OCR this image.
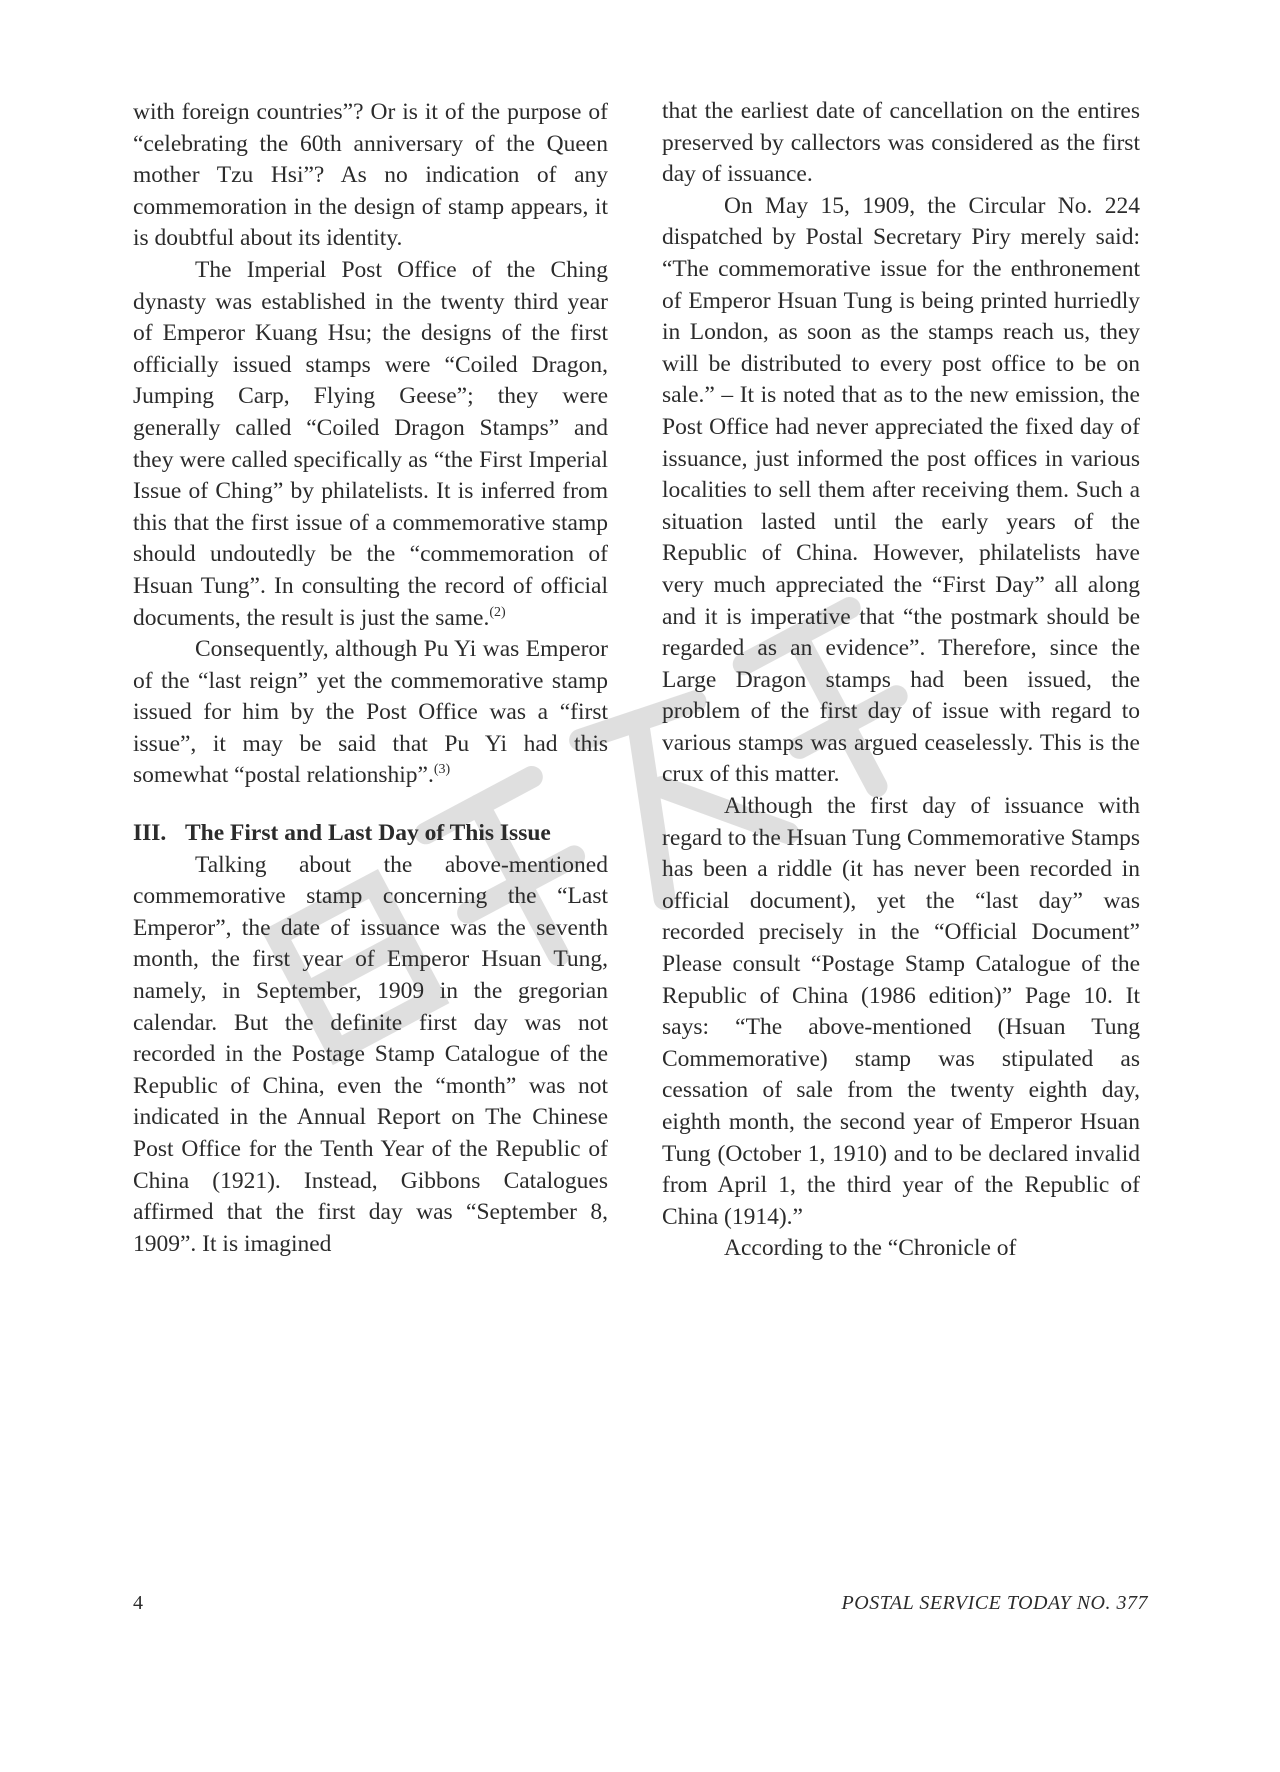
with foreign countries”? Or is it of the purpose of “celebrating the 60th anniversary of the Queen mother Tzu Hsi”? As no indication of any commemoration in the design of stamp appears, it is doubtful about its identity.

The Imperial Post Office of the Ching dynasty was established in the twenty third year of Emperor Kuang Hsu; the designs of the first officially issued stamps were “Coiled Dragon, Jumping Carp, Flying Geese”; they were generally called “Coiled Dragon Stamps” and they were called specifically as “the First Imperial Issue of Ching” by philatelists. It is inferred from this that the first issue of a commemorative stamp should undoutedly be the “commemoration of Hsuan Tung”. In consulting the record of official documents, the result is just the same.$^{(2)}$

Consequently, although Pu Yi was Emperor of the “last reign” yet the commemorative stamp issued for him by the Post Office was a “first issue”, it may be said that Pu Yi had this somewhat “postal relationship”.$^{(3)}$

III. The First and Last Day of This Issue

Talking about the above-mentioned commemorative stamp concerning the “Last Emperor”, the date of issuance was the seventh month, the first year of Emperor Hsuan Tung, namely, in September, 1909 in the gregorian calendar. But the definite first day was not recorded in the Postage Stamp Catalogue of the Republic of China, even the “month” was not indicated in the Annual Report on The Chinese Post Office for the Tenth Year of the Republic of China (1921). Instead, Gibbons Catalogues affirmed that the first day was “September 8, 1909”. It is imagined

that the earliest date of cancellation on the entires preserved by callectors was considered as the first day of issuance.

On May 15, 1909, the Circular No. 224 dispatched by Postal Secretary Piry merely said: “The commemorative issue for the enthronement of Emperor Hsuan Tung is being printed hurriedly in London, as soon as the stamps reach us, they will be distributed to every post office to be on sale.” – It is noted that as to the new emission, the Post Office had never appreciated the fixed day of issuance, just informed the post offices in various localities to sell them after receiving them. Such a situation lasted until the early years of the Republic of China. However, philatelists have very much appreciated the “First Day” all along and it is imperative that “the postmark should be regarded as an evidence”. Therefore, since the Large Dragon stamps had been issued, the problem of the first day of issue with regard to various stamps was argued ceaselessly. This is the crux of this matter.

Although the first day of issuance with regard to the Hsuan Tung Commemorative Stamps has been a riddle (it has never been recorded in official document), yet the “last day” was recorded precisely in the “Official Document” Please consult “Postage Stamp Catalogue of the Republic of China (1986 edition)” Page 10. It says: “The above-mentioned (Hsuan Tung Commemorative) stamp was stipulated as cessation of sale from the twenty eighth day, eighth month, the second year of Emperor Hsuan Tung (October 1, 1910) and to be declared invalid from April 1, the third year of the Republic of China (1914).”

According to the “Chronicle of

4	POSTAL SERVICE TODAY NO. 377
